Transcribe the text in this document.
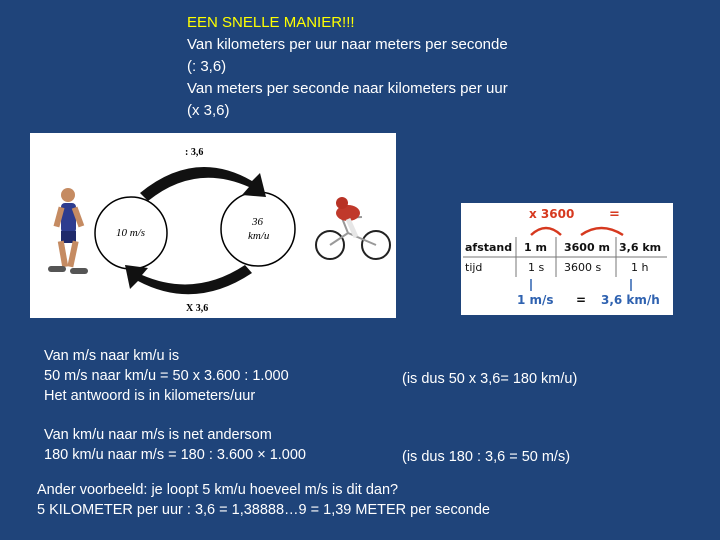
EEN SNELLE MANIER!!!
Van kilometers per uur naar meters per seconde
(: 3,6)
Van meters per seconde naar kilometers per uur
(x 3,6)
: 3,6
X 3,6
10 m/s
36
km/u
x 3600	=
afstand 1 m 3600 m 3,6 km
tijd	1 s 3600 s	1 h
1 m/s = 3,6 km/h
Van m/s naar km/u is
50 m/s naar km/u = 50 x 3.600 : 1.000
Het antwoord is in kilometers/uur
(is dus 50 x 3,6= 180 km/u)
Van km/u naar m/s is net andersom
180 km/u naar m/s = 180 : 3.600 × 1.000	(is dus 180 : 3,6 = 50 m/s)
Ander voorbeeld: je loopt 5 km/u hoeveel m/s is dit dan?
5 KILOMETER per uur : 3,6 = 1,38888…9 = 1,39 METER per seconde
